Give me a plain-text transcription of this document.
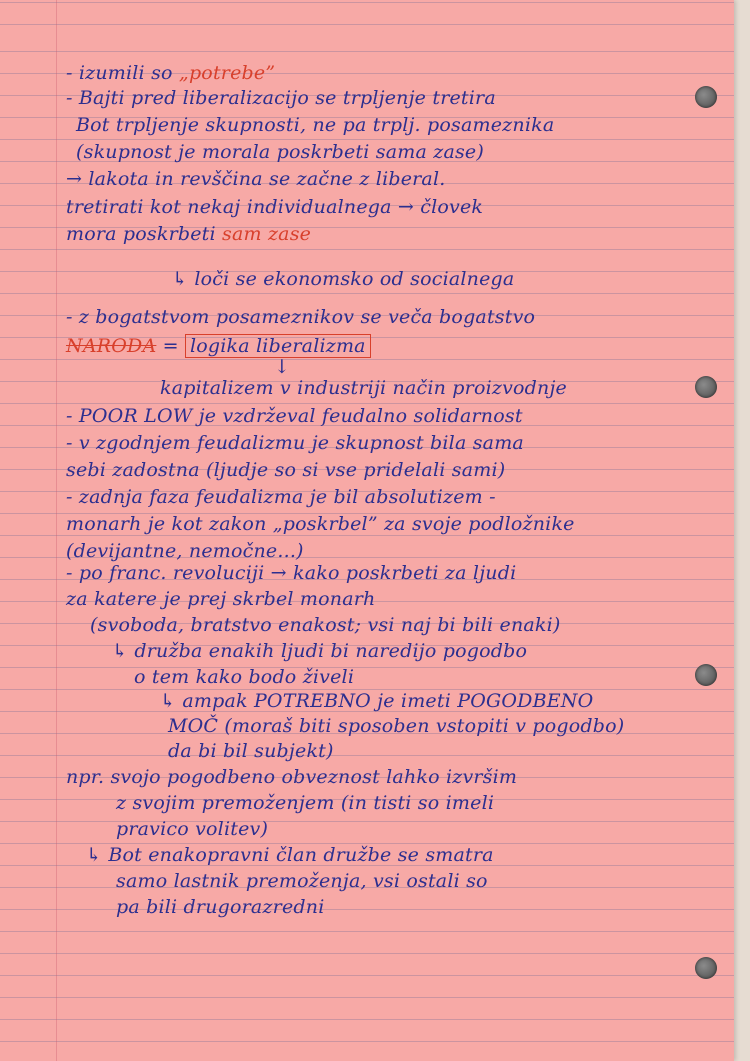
- izumili so „potrebe”
- Bajti pred liberalizacijo se trpljenje tretira
Bot trpljenje skupnosti, ne pa trplj. posameznika
(skupnost je morala poskrbeti sama zase)
→ lakota in revščina se začne z liberal.
tretirati kot nekaj individualnega → človek
mora poskrbeti sam zase
↳ loči se ekonomsko od socialnega
- z bogatstvom posameznikov se veča bogatstvo
NARODA = logika liberalizma
↓
kapitalizem v industriji način proizvodnje
- POOR LOW je vzdrževal feudalno solidarnost
- v zgodnjem feudalizmu je skupnost bila sama
sebi zadostna (ljudje so si vse pridelali sami)
- zadnja faza feudalizma je bil absolutizem -
monarh je kot zakon „poskrbel” za svoje podložnike
(devijantne, nemočne...)
- po franc. revoluciji → kako poskrbeti za ljudi
za katere je prej skrbel monarh
(svoboda, bratstvo enakost; vsi naj bi bili enaki)
↳ družba enakih ljudi bi naredijo pogodbo
o tem kako bodo živeli
↳ ampak POTREBNO je imeti POGODBENO
MOČ (moraš biti sposoben vstopiti v pogodbo)
da bi bil subjekt)
npr. svojo pogodbeno obveznost lahko izvršim
z svojim premoženjem (in tisti so imeli
pravico volitev)
↳ Bot enakopravni član družbe se smatra
samo lastnik premoženja, vsi ostali so
pa bili drugorazredni
